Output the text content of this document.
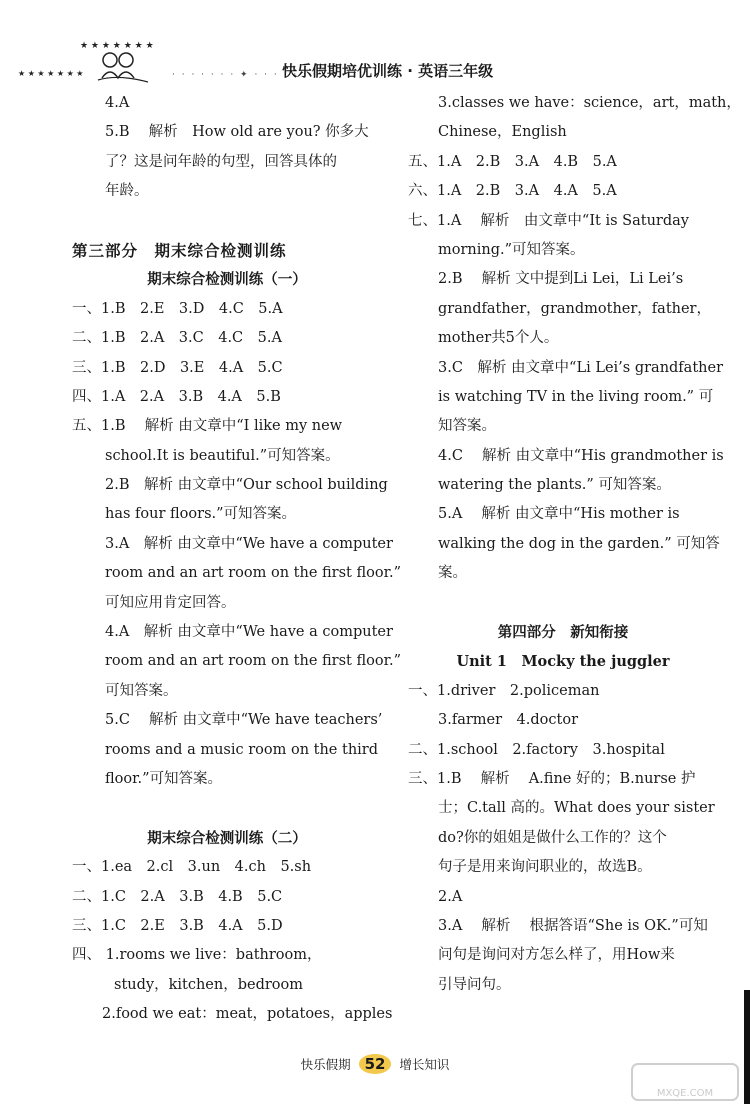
★ ★ ★ ★ ★ ★ ★
★ ★ ★ ★ ★ ★ ★
· · · · · · · ✦ · · · · · · ·
快乐假期培优训练 · 英语三年级
4.A
5.B　 解析　How old are you? 你多大
了？这是问年龄的句型，回答具体的
年龄。
第三部分　期末综合检测训练
期末综合检测训练（一）
一、1.B　2.E　3.D　4.C　5.A
二、1.B　2.A　3.C　4.C　5.A
三、1.B　2.D　3.E　4.A　5.C
四、1.A　2.A　3.B　4.A　5.B
五、1.B　 解析 由文章中“I like my new
school.It is beautiful.”可知答案。
2.B　解析 由文章中“Our school building
has four floors.”可知答案。
3.A　解析 由文章中“We have a computer
room and an art room on the first floor.”
可知应用肯定回答。
4.A　解析 由文章中“We have a computer
room and an art room on the first floor.”
可知答案。
5.C　 解析 由文章中“We have teachers’
rooms and a music room on the third
floor.”可知答案。
期末综合检测训练（二）
一、1.ea　2.cl　3.un　4.ch　5.sh
二、1.C　2.A　3.B　4.B　5.C
三、1.C　2.E　3.B　4.A　5.D
四、 1.rooms we live：bathroom，
study，kitchen，bedroom
2.food we eat：meat，potatoes，apples
3.classes we have：science，art，math，
Chinese，English
五、1.A　2.B　3.A　4.B　5.A
六、1.A　2.B　3.A　4.A　5.A
七、1.A　 解析　由文章中“It is Saturday
morning.”可知答案。
2.B　 解析 文中提到Li Lei，Li Lei’s
grandfather，grandmother，father，
mother共5个人。
3.C　解析 由文章中“Li Lei’s grandfather
is watching TV in the living room.” 可
知答案。
4.C　 解析 由文章中“His grandmother is
watering the plants.” 可知答案。
5.A　 解析 由文章中“His mother is
walking the dog in the garden.” 可知答
案。
第四部分　新知衔接
Unit 1　Mocky the juggler
一、1.driver　2.policeman
3.farmer　4.doctor
二、1.school　2.factory　3.hospital
三、1.B　 解析　 A.fine 好的；B.nurse 护
士；C.tall 高的。What does your sister
do?你的姐姐是做什么工作的？这个
句子是用来询问职业的，故选B。
2.A
3.A　 解析　 根据答语“She is OK.”可知
问句是询问对方怎么样了，用How来
引导问句。
快乐假期 52 增长知识
MXQE.COM
